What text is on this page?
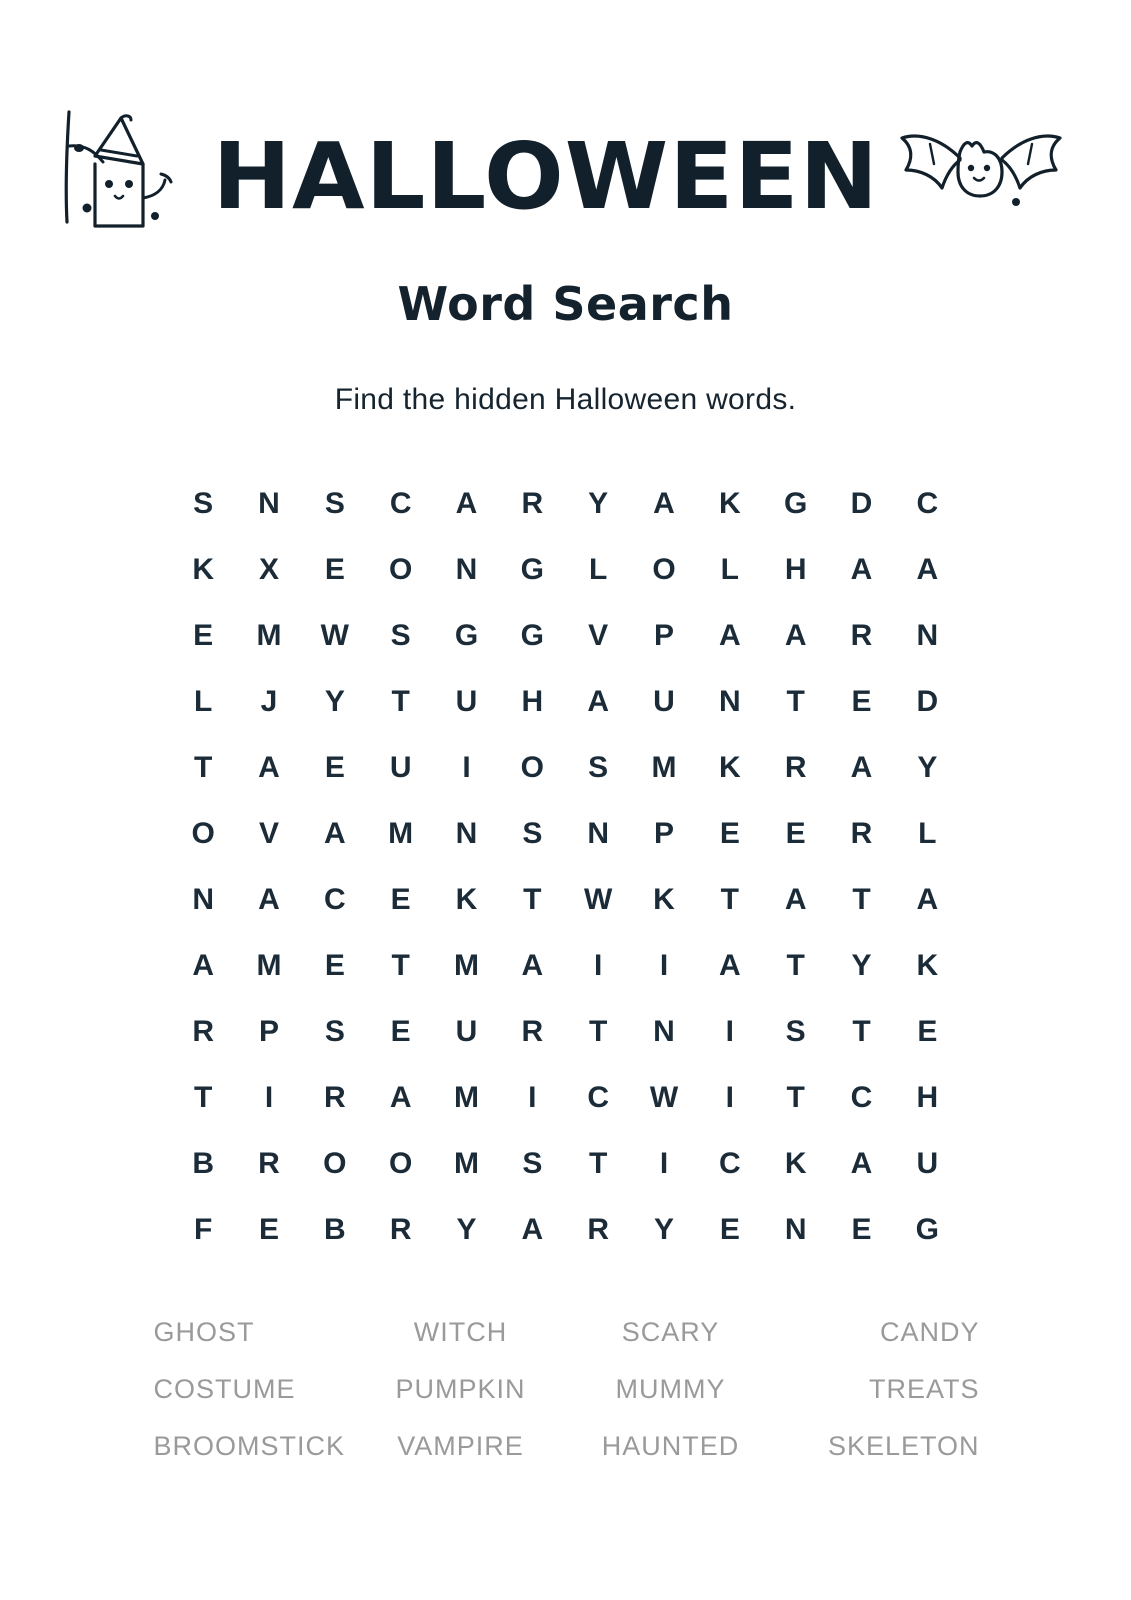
HALLOWEEN
Word Search
Find the hidden Halloween words.
S	N	S	C	A	R	Y	A	K	G	D	C
K	X	E	O	N	G	L	O	L	H	A	A
E	M	W	S	G	G	V	P	A	A	R	N
L	J	Y	T	U	H	A	U	N	T	E	D
T	A	E	U	I	O	S	M	K	R	A	Y
O	V	A	M	N	S	N	P	E	E	R	L
N	A	C	E	K	T	W	K	T	A	T	A
A	M	E	T	M	A	I	I	A	T	Y	K
R	P	S	E	U	R	T	N	I	S	T	E
T	I	R	A	M	I	C	W	I	T	C	H
B	R	O	O	M	S	T	I	C	K	A	U
F	E	B	R	Y	A	R	Y	E	N	E	G
GHOST	WITCH	SCARY	CANDY
COSTUME	PUMPKIN	MUMMY	TREATS
BROOMSTICK	VAMPIRE	HAUNTED	SKELETON
